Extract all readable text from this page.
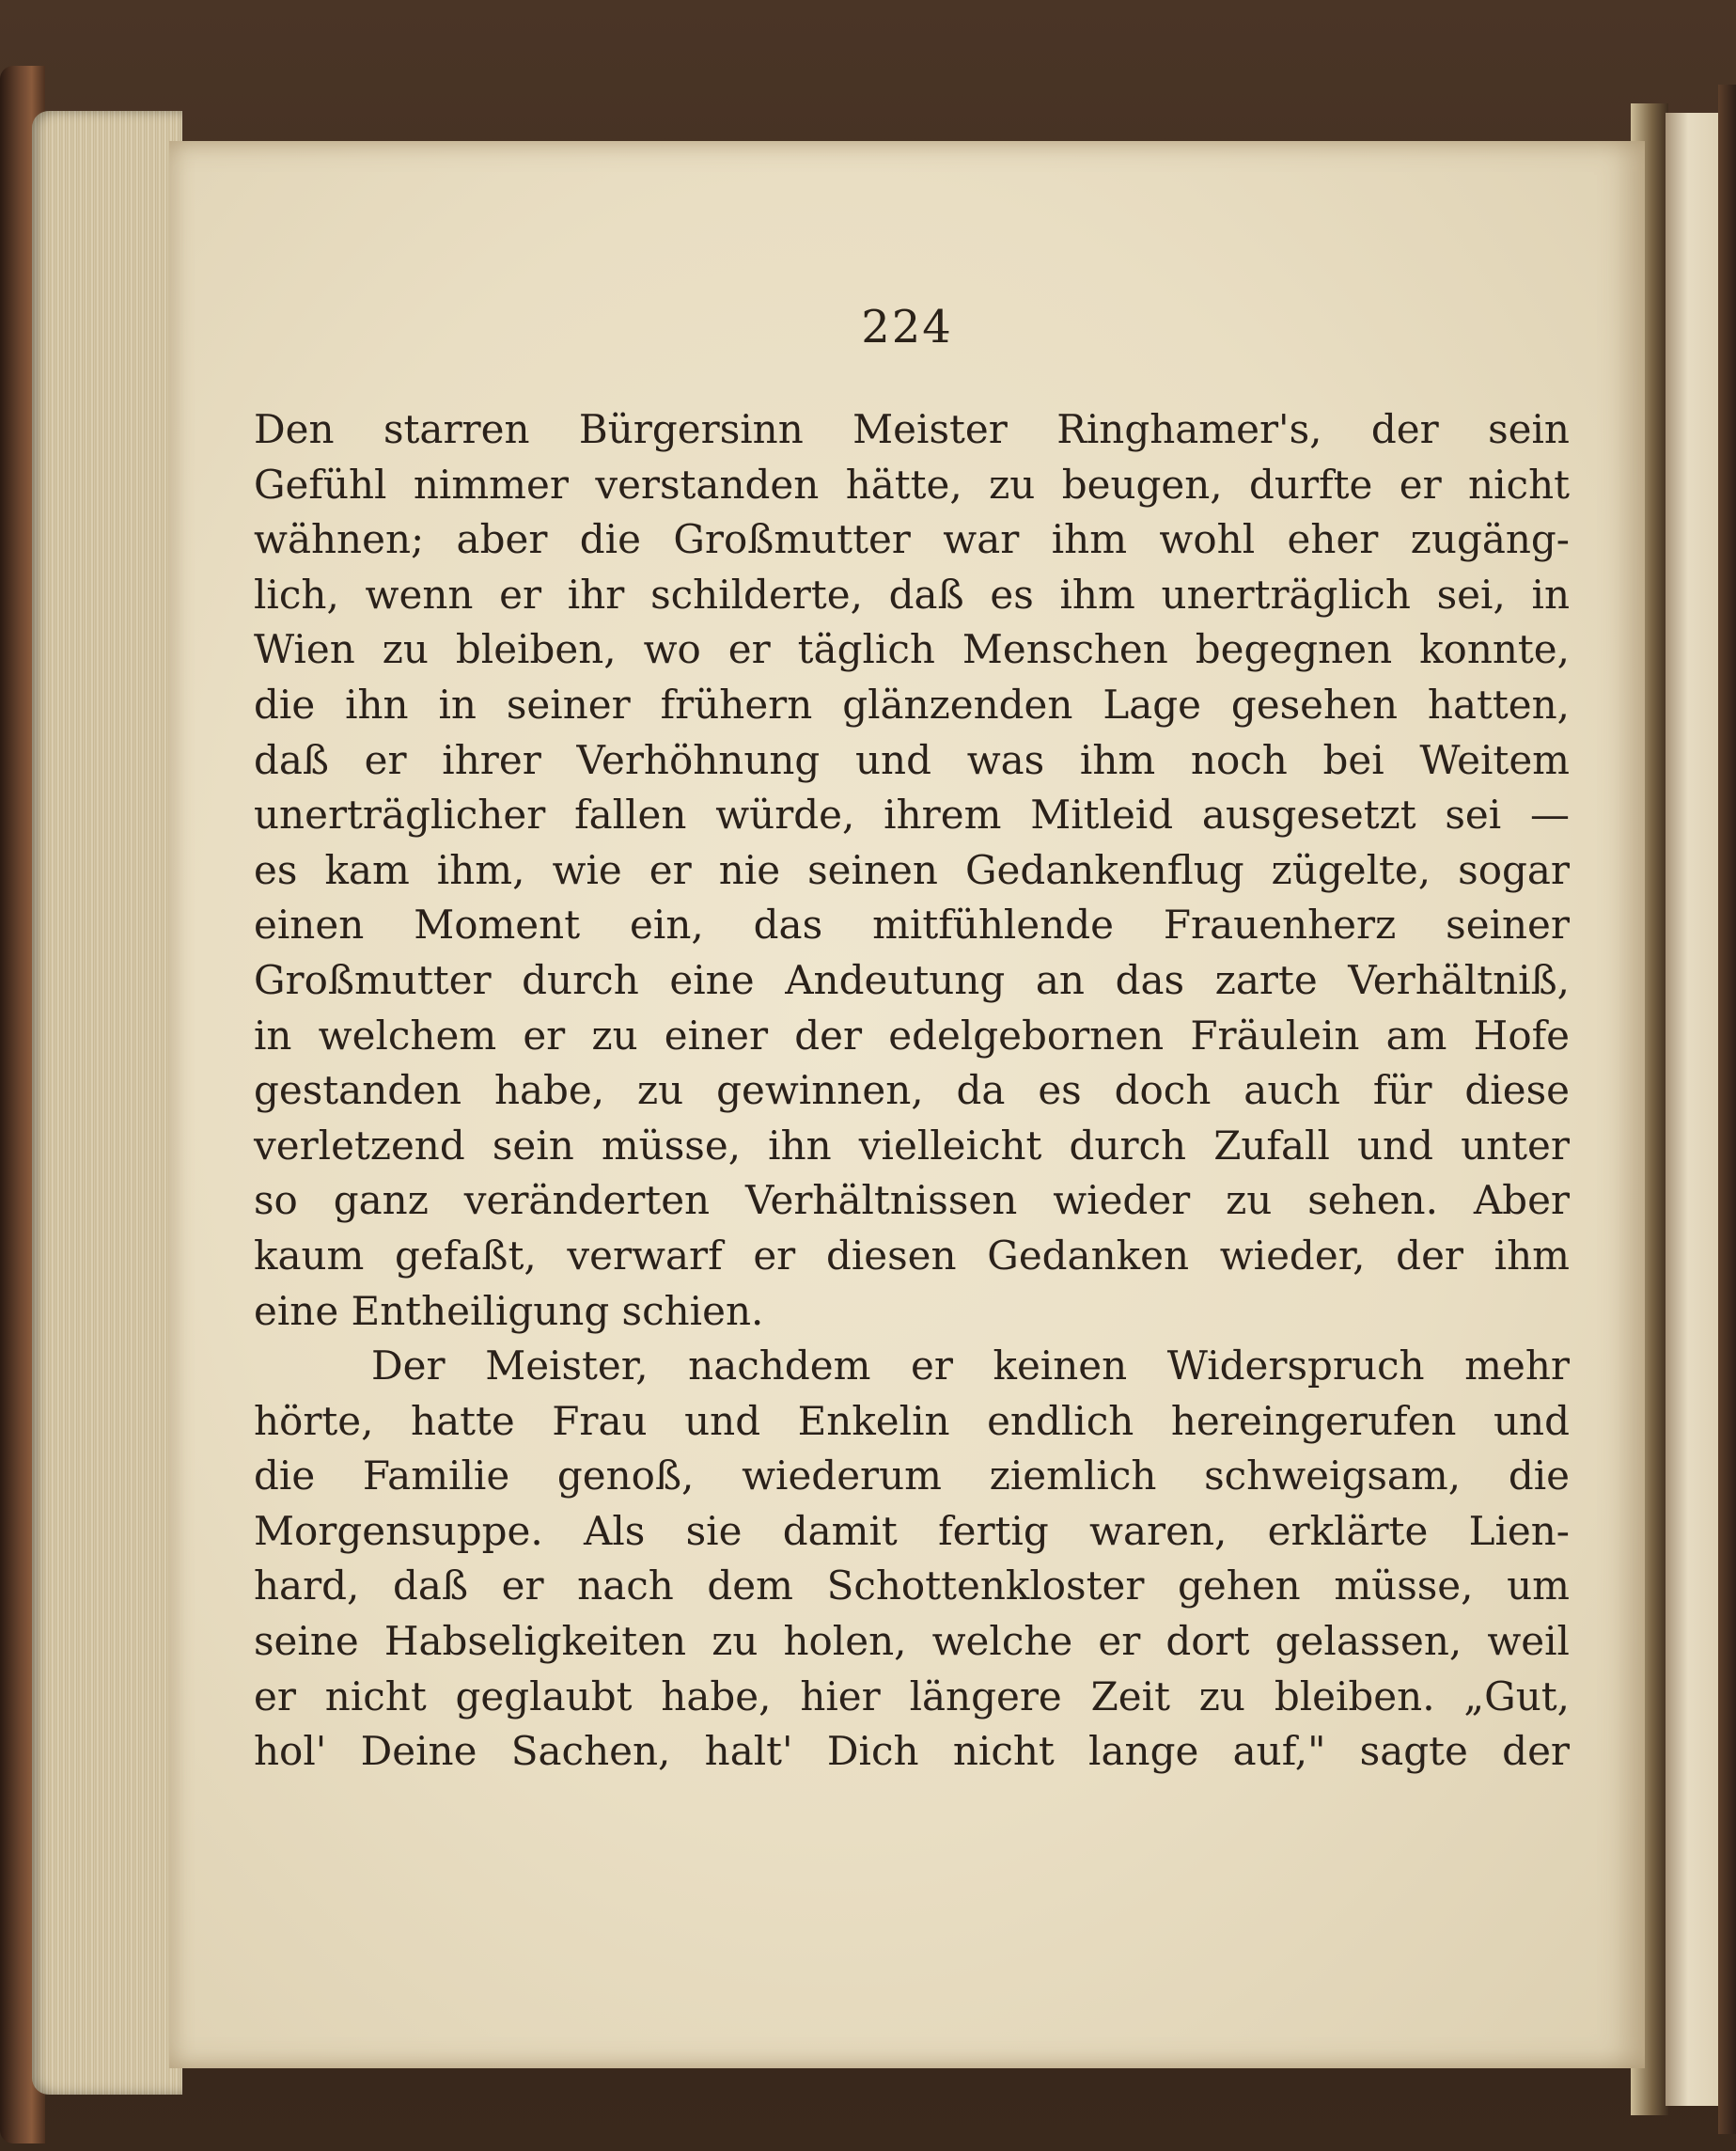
224
Den starren Bürgersinn Meister Ringhamer's, der sein
Gefühl nimmer verstanden hätte, zu beugen, durfte er nicht
wähnen; aber die Großmutter war ihm wohl eher zugäng-
lich, wenn er ihr schilderte, daß es ihm unerträglich sei, in
Wien zu bleiben, wo er täglich Menschen begegnen konnte,
die ihn in seiner frühern glänzenden Lage gesehen hatten,
daß er ihrer Verhöhnung und was ihm noch bei Weitem
unerträglicher fallen würde, ihrem Mitleid ausgesetzt sei —
es kam ihm, wie er nie seinen Gedankenflug zügelte, sogar
einen Moment ein, das mitfühlende Frauenherz seiner
Großmutter durch eine Andeutung an das zarte Verhältniß,
in welchem er zu einer der edelgebornen Fräulein am Hofe
gestanden habe, zu gewinnen, da es doch auch für diese
verletzend sein müsse, ihn vielleicht durch Zufall und unter
so ganz veränderten Verhältnissen wieder zu sehen. Aber
kaum gefaßt, verwarf er diesen Gedanken wieder, der ihm
eine Entheiligung schien.
Der Meister, nachdem er keinen Widerspruch mehr
hörte, hatte Frau und Enkelin endlich hereingerufen und
die Familie genoß, wiederum ziemlich schweigsam, die
Morgensuppe. Als sie damit fertig waren, erklärte Lien-
hard, daß er nach dem Schottenkloster gehen müsse, um
seine Habseligkeiten zu holen, welche er dort gelassen, weil
er nicht geglaubt habe, hier längere Zeit zu bleiben. „Gut,
hol' Deine Sachen, halt' Dich nicht lange auf," sagte der
